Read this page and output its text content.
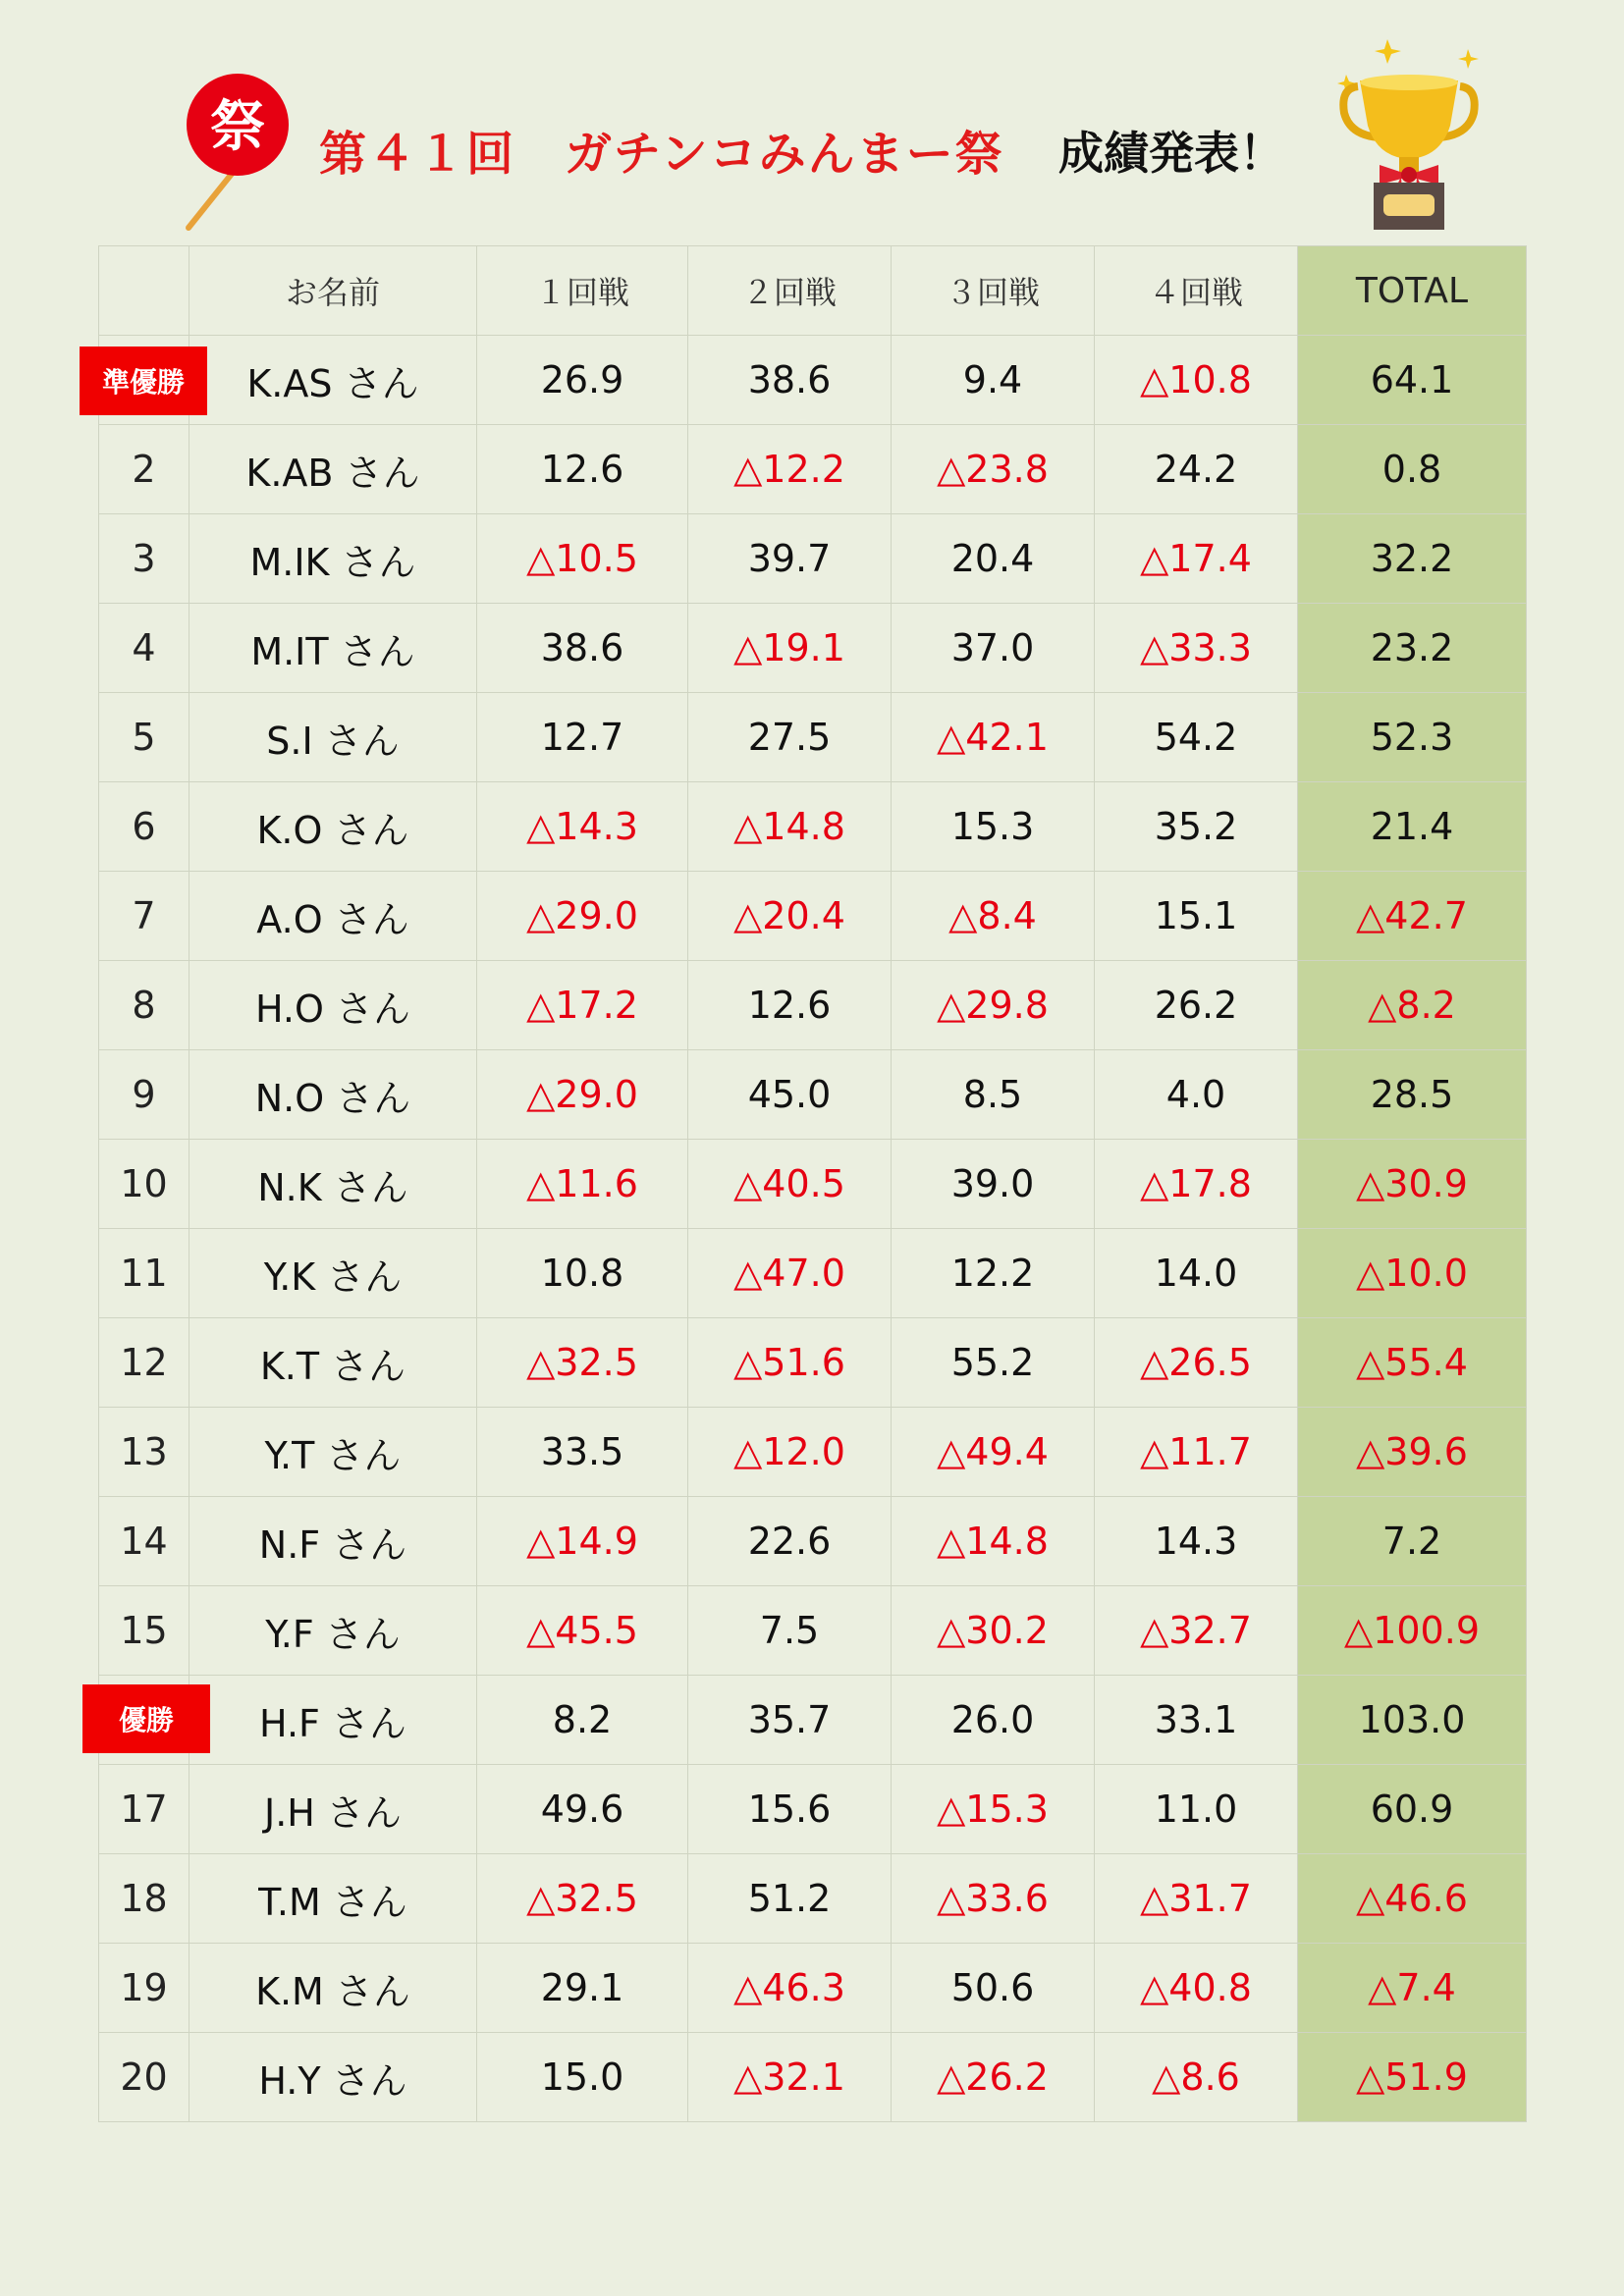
祭 第４１回　ガチンコみんまー祭 成績発表！
	お名前	１回戦	２回戦	３回戦	４回戦	TOTAL

準優勝	K.AS さん	26.9	38.6	9.4	△10.8	64.1
2	K.AB さん	12.6	△12.2	△23.8	24.2	0.8
3	M.IK さん	△10.5	39.7	20.4	△17.4	32.2
4	M.IT さん	38.6	△19.1	37.0	△33.3	23.2
5	S.I さん	12.7	27.5	△42.1	54.2	52.3
6	K.O さん	△14.3	△14.8	15.3	35.2	21.4
7	A.O さん	△29.0	△20.4	△8.4	15.1	△42.7
8	H.O さん	△17.2	12.6	△29.8	26.2	△8.2
9	N.O さん	△29.0	45.0	8.5	4.0	28.5
10	N.K さん	△11.6	△40.5	39.0	△17.8	△30.9
11	Y.K さん	10.8	△47.0	12.2	14.0	△10.0
12	K.T さん	△32.5	△51.6	55.2	△26.5	△55.4
13	Y.T さん	33.5	△12.0	△49.4	△11.7	△39.6
14	N.F さん	△14.9	22.6	△14.8	14.3	7.2
15	Y.F さん	△45.5	7.5	△30.2	△32.7	△100.9

優勝	H.F さん	8.2	35.7	26.0	33.1	103.0
17	J.H さん	49.6	15.6	△15.3	11.0	60.9
18	T.M さん	△32.5	51.2	△33.6	△31.7	△46.6
19	K.M さん	29.1	△46.3	50.6	△40.8	△7.4
20	H.Y さん	15.0	△32.1	△26.2	△8.6	△51.9
